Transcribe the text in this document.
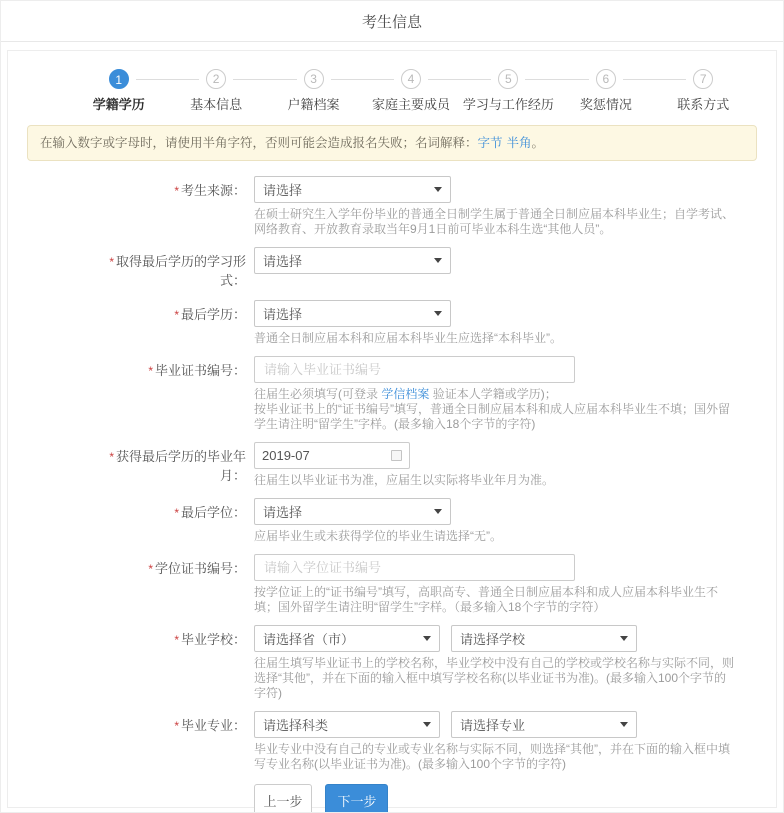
考生信息
1
学籍学历
2
基本信息
3
户籍档案
4
家庭主要成员
5
学习与工作经历
6
奖惩情况
7
联系方式
在输入数字或字母时，请使用半角字符，否则可能会造成报名失败；名词解释：字节 半角。
* 考生来源： 请选择
在硕士研究生入学年份毕业的普通全日制学生属于普通全日制应届本科毕业生；自学考试、网络教育、开放教育录取当年9月1日前可毕业本科生选“其他人员”。
* 取得最后学历的学习形式：
请选择
* 最后学历： 请选择
普通全日制应届本科和应届本科毕业生应选择“本科毕业”。
* 毕业证书编号：
请输入毕业证书编号
往届生必须填写(可登录 学信档案 验证本人学籍或学历)；
按毕业证书上的“证书编号”填写，普通全日制应届本科和成人应届本科毕业生不填；国外留学生请注明“留学生”字样。(最多输入18个字节的字符)
* 获得最后学历的毕业年月：
2019-07
往届生以毕业证书为准，应届生以实际将毕业年月为准。
* 最后学位： 请选择
应届毕业生或未获得学位的毕业生请选择“无”。
* 学位证书编号：
请输入学位证书编号
按学位证上的“证书编号”填写，高职高专、普通全日制应届本科和成人应届本科毕业生不填；国外留学生请注明“留学生”字样。（最多输入18个字节的字符）
* 毕业学校： 请选择省（市）	请选择学校
往届生填写毕业证书上的学校名称，毕业学校中没有自己的学校或学校名称与实际不同，则选择“其他”，并在下面的输入框中填写学校名称(以毕业证书为准)。(最多输入100个字节的字符)
* 毕业专业： 请选择科类	请选择专业
毕业专业中没有自己的专业或专业名称与实际不同，则选择“其他”，并在下面的输入框中填写专业名称(以毕业证书为准)。(最多输入100个字节的字符)
上一步	下一步
